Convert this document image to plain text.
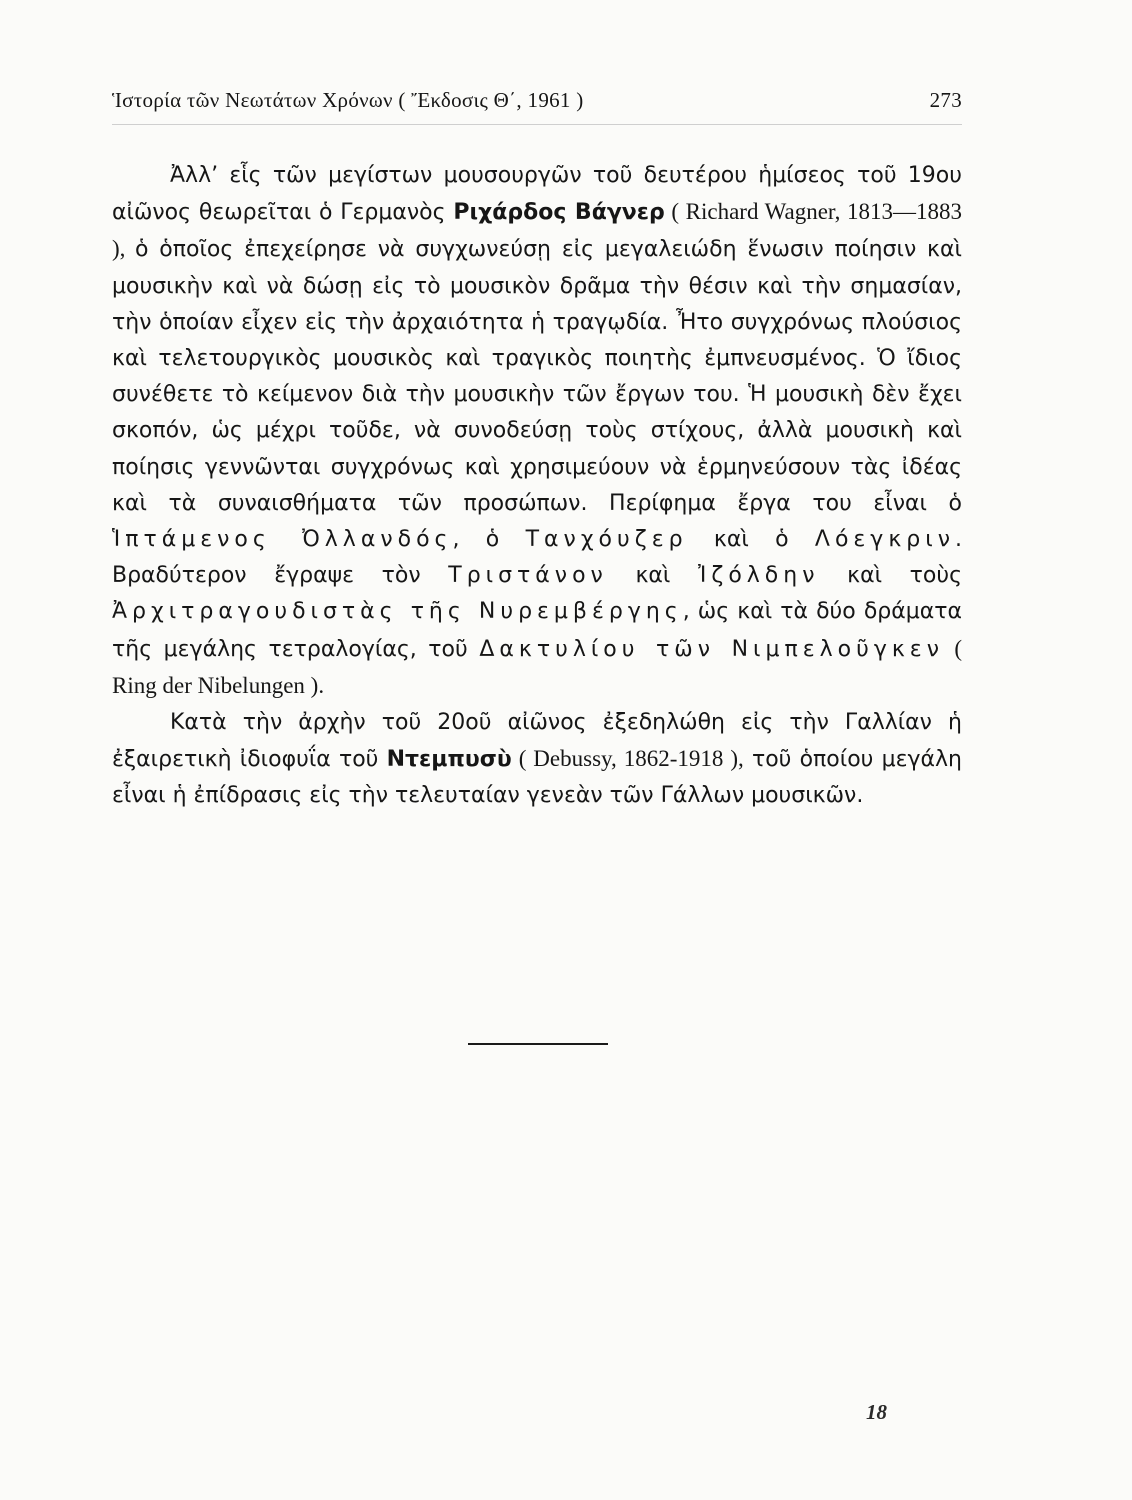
Ἱστορία τῶν Νεωτάτων Χρόνων ( Ἔκδοσις Θ΄, 1961 )	273

Ἀλλ’ εἷς τῶν μεγίστων μουσουργῶν τοῦ δευτέρου ἡμίσεος τοῦ 19ου αἰῶνος θεωρεῖται ὁ Γερμανὸς Ριχάρδος Βάγνερ ( Richard Wagner, 1813—1883 ), ὁ ὁποῖος ἐπεχείρησε νὰ συγχωνεύσῃ εἰς μεγαλειώδη ἕνωσιν ποίησιν καὶ μουσικὴν καὶ νὰ δώσῃ εἰς τὸ μουσικὸν δρᾶμα τὴν θέσιν καὶ τὴν σημασίαν, τὴν ὁποίαν εἶχεν εἰς τὴν ἀρχαιότητα ἡ τραγῳδία. Ἦτο συγχρόνως πλούσιος καὶ τελετουργικὸς μουσικὸς καὶ τραγικὸς ποιητὴς ἐμπνευσμένος. Ὁ ἴδιος συνέθετε τὸ κείμενον διὰ τὴν μουσικὴν τῶν ἔργων του. Ἡ μουσικὴ δὲν ἔχει σκοπόν, ὡς μέχρι τοῦδε, νὰ συνοδεύσῃ τοὺς στίχους, ἀλλὰ μουσικὴ καὶ ποίησις γεννῶνται συγχρόνως καὶ χρησιμεύουν νὰ ἑρμηνεύσουν τὰς ἰδέας καὶ τὰ συναισθήματα τῶν προσώπων. Περίφημα ἔργα του εἶναι ὁ Ἱπτάμενος Ὀλλανδός, ὁ Τανχόυζερ καὶ ὁ Λόεγκριν. Βραδύτερον ἔγραψε τὸν Τριστάνον καὶ Ἰζόλδην καὶ τοὺς Ἀρχιτραγουδιστὰς τῆς Νυρεμβέργης, ὡς καὶ τὰ δύο δράματα τῆς μεγάλης τετραλογίας, τοῦ Δακτυλίου τῶν Νιμπελοῦγκεν ( Ring der Nibelungen ).

Κατὰ τὴν ἀρχὴν τοῦ 20οῦ αἰῶνος ἐξεδηλώθη εἰς τὴν Γαλλίαν ἡ ἐξαιρετικὴ ἰδιοφυΐα τοῦ Ντεμπυσὺ ( Debussy, 1862-1918 ), τοῦ ὁποίου μεγάλη εἶναι ἡ ἐπίδρασις εἰς τὴν τελευταίαν γενεὰν τῶν Γάλλων μουσικῶν.

18
